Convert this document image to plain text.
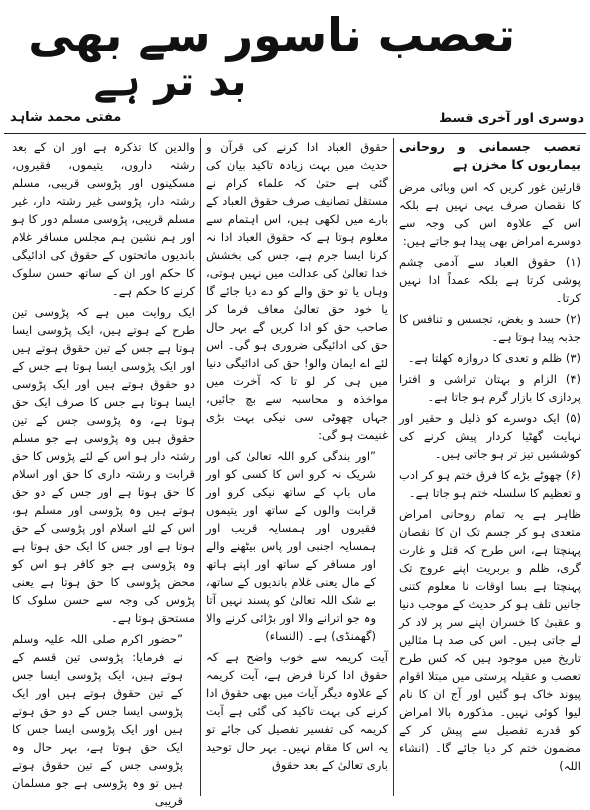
تعصب ناسور سے بھی
بد تر ہے
دوسری اور آخری قسط
مفتی محمد شاہد
تعصب جسمانی و روحانی بیماریوں کا مخزن ہے

قارئین غور کریں کہ اس وبائی مرض کا نقصان صرف یہی نہیں ہے بلکہ اس کے علاوہ اس کی وجہ سے دوسرے امراض بھی پیدا ہو جاتے ہیں:

(۱) حقوق العباد سے آدمی چشم پوشی کرتا ہے بلکہ عمداً ادا نہیں کرتا۔

(۲) حسد و بغض، تجسس و تنافس کا جذبہ پیدا ہوتا ہے۔

(۳) ظلم و تعدی کا دروازہ کھلتا ہے۔

(۴) الزام و بہتان تراشی و افترا پردازی کا بازار گرم ہو جاتا ہے۔

(۵) ایک دوسرے کو ذلیل و حقیر اور نہایت گھٹیا کردار پیش کرنے کی کوششیں تیز تر ہو جاتی ہیں۔

(۶) چھوٹے بڑے کا فرق ختم ہو کر ادب و تعظیم کا سلسلہ ختم ہو جاتا ہے۔

ظاہر ہے یہ تمام روحانی امراض متعدی ہو کر جسم تک ان کا نقصان پہنچتا ہے، اس طرح کہ قتل و غارت گری، ظلم و بربریت اپنے عروج تک پہنچتا ہے بسا اوقات نا معلوم کتنی جانیں تلف ہو کر حدیث کے موجب دنیا و عقبیٰ کا خسران اپنے سر پر لاد کر لے جاتی ہیں۔ اس کی صد ہا مثالیں تاریخ میں موجود ہیں کہ کس طرح تعصب و عقیلہ پرستی میں مبتلا اقوام پیوند خاک ہو گئیں اور آج ان کا نام لیوا کوئی نہیں۔ مذکورہ بالا امراض کو قدرے تفصیل سے پیش کر کے مضمون ختم کر دیا جائے گا۔ (انشاء اللہ)

حقوق العباد ادا کرنے کی قرآن و حدیث میں بہت زیادہ تاکید بیان کی گئی ہے حتیٰ کہ علماء کرام نے مستقل تصانیف صرف حقوق العباد کے بارے میں لکھی ہیں، اس اہتمام سے معلوم ہوتا ہے کہ حقوق العباد ادا نہ کرنا ایسا جرم ہے، جس کی بخشش خدا تعالیٰ کی عدالت میں نہیں ہوتی، وہاں یا تو حق والے کو دے دیا جائے گا یا خود حق تعالیٰ معاف فرما کر صاحب حق کو ادا کریں گے بہر حال حق کی ادائیگی ضروری ہو گی۔ اس لئے اے ایمان والو! حق کی ادائیگی دنیا میں ہی کر لو تا کہ آخرت میں مواخذہ و محاسبہ سے بچ جائیں، جہاں چھوٹی سی نیکی بہت بڑی غنیمت ہو گی:

”اور بندگی کرو اللہ تعالیٰ کی اور شریک نہ کرو اس کا کسی کو اور ماں باپ کے ساتھ نیکی کرو اور قرابت والوں کے ساتھ اور یتیموں فقیروں اور ہمسایہ قریب اور ہمسایہ اجنبی اور پاس بیٹھنے والے اور مسافر کے ساتھ اور اپنے ہاتھ کے مال یعنی غلام باندیوں کے ساتھ، بے شک اللہ تعالیٰ کو پسند نہیں آتا وہ جو اترانے والا اور بڑائی کرنے والا (گھمنڈی) ہے۔ (النساء)

آیت کریمہ سے خوب واضح ہے کہ حقوق ادا کرنا فرض ہے، آیت کریمہ کے علاوہ دیگر آیات میں بھی حقوق ادا کرنے کی بہت تاکید کی گئی ہے آیت کریمہ کی تفسیر تفصیل کی جائے تو یہ اس کا مقام نہیں۔ بہر حال توحید باری تعالیٰ کے بعد حقوق

والدین کا تذکرہ ہے اور ان کے بعد رشتہ داروں، یتیموں، فقیروں، مسکینوں اور پڑوسی قریبی، مسلم رشتہ دار، پڑوسی غیر رشتہ دار، غیر مسلم قریبی، پڑوسی مسلم دور کا ہو اور ہم نشین ہم مجلس مسافر غلام باندیوں ماتحتوں کے حقوق کی ادائیگی کا حکم اور ان کے ساتھ حسن سلوک کرنے کا حکم ہے۔

ایک روایت میں ہے کہ پڑوسی تین طرح کے ہوتے ہیں، ایک پڑوسی ایسا ہوتا ہے جس کے تین حقوق ہوتے ہیں اور ایک پڑوسی ایسا ہوتا ہے جس کے دو حقوق ہوتے ہیں اور ایک پڑوسی ایسا ہوتا ہے جس کا صرف ایک حق ہوتا ہے، وہ پڑوسی جس کے تین حقوق ہیں وہ پڑوسی ہے جو مسلم رشتہ دار ہو اس کے لئے پڑوس کا حق قرابت و رشتہ داری کا حق اور اسلام کا حق ہوتا ہے اور جس کے دو حق ہوتے ہیں وہ پڑوسی اور مسلم ہو، اس کے لئے اسلام اور پڑوسی کے حق ہوتا ہے اور جس کا ایک حق ہوتا ہے وہ پڑوسی ہے جو کافر ہو اس کو محض پڑوسی کا حق ہوتا ہے یعنی پڑوس کی وجہ سے حسن سلوک کا مستحق ہوتا ہے۔

”حضور اکرم صلی اللہ علیہ وسلم نے فرمایا: پڑوسی تین قسم کے ہوتے ہیں، ایک پڑوسی ایسا جس کے تین حقوق ہوتے ہیں اور ایک پڑوسی ایسا جس کے دو حق ہوتے ہیں اور ایک پڑوسی ایسا جس کا ایک حق ہوتا ہے، بہر حال وہ پڑوسی جس کے تین حقوق ہوتے ہیں تو وہ پڑوسی ہے جو مسلمان قریبی
